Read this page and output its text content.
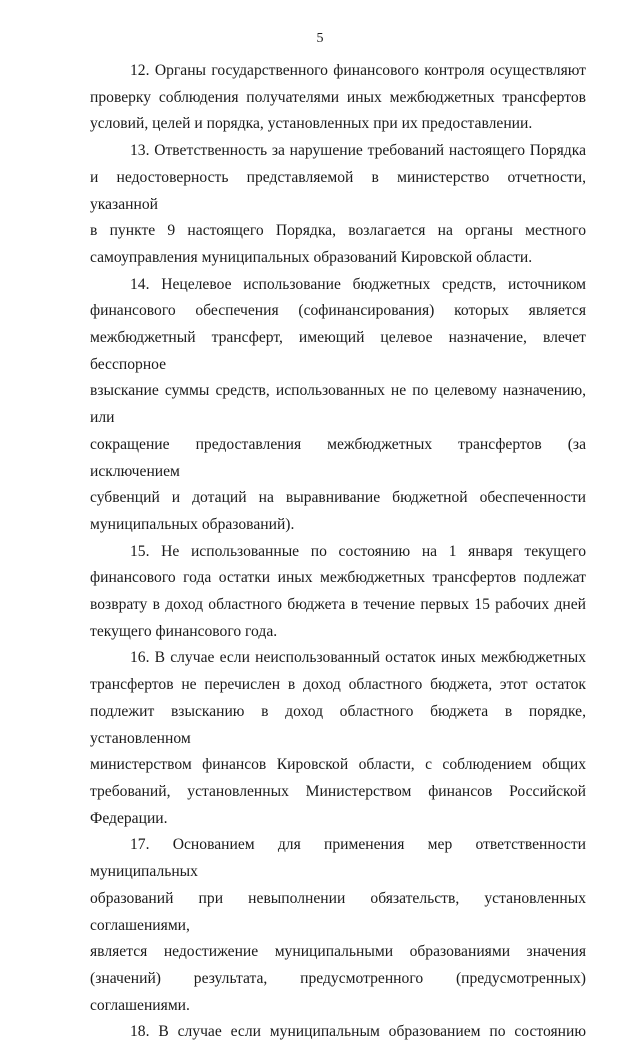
5
12. Органы государственного финансового контроля осуществляют
проверку соблюдения получателями иных межбюджетных трансфертов
условий, целей и порядка, установленных при их предоставлении.
13. Ответственность за нарушение требований настоящего Порядка
и недостоверность представляемой в министерство отчетности, указанной
в пункте 9 настоящего Порядка, возлагается на органы местного
самоуправления муниципальных образований Кировской области.
14. Нецелевое использование бюджетных средств, источником
финансового обеспечения (софинансирования) которых является
межбюджетный трансферт, имеющий целевое назначение, влечет бесспорное
взыскание суммы средств, использованных не по целевому назначению, или
сокращение предоставления межбюджетных трансфертов (за исключением
субвенций и дотаций на выравнивание бюджетной обеспеченности
муниципальных образований).
15. Не использованные по состоянию на 1 января текущего
финансового года остатки иных межбюджетных трансфертов подлежат
возврату в доход областного бюджета в течение первых 15 рабочих дней
текущего финансового года.
16. В случае если неиспользованный остаток иных межбюджетных
трансфертов не перечислен в доход областного бюджета, этот остаток
подлежит взысканию в доход областного бюджета в порядке, установленном
министерством финансов Кировской области, с соблюдением общих
требований, установленных Министерством финансов Российской
Федерации.
17. Основанием для применения мер ответственности муниципальных
образований при невыполнении обязательств, установленных соглашениями,
является недостижение муниципальными образованиями значения
(значений) результата, предусмотренного (предусмотренных) соглашениями.
18. В случае если муниципальным образованием по состоянию
